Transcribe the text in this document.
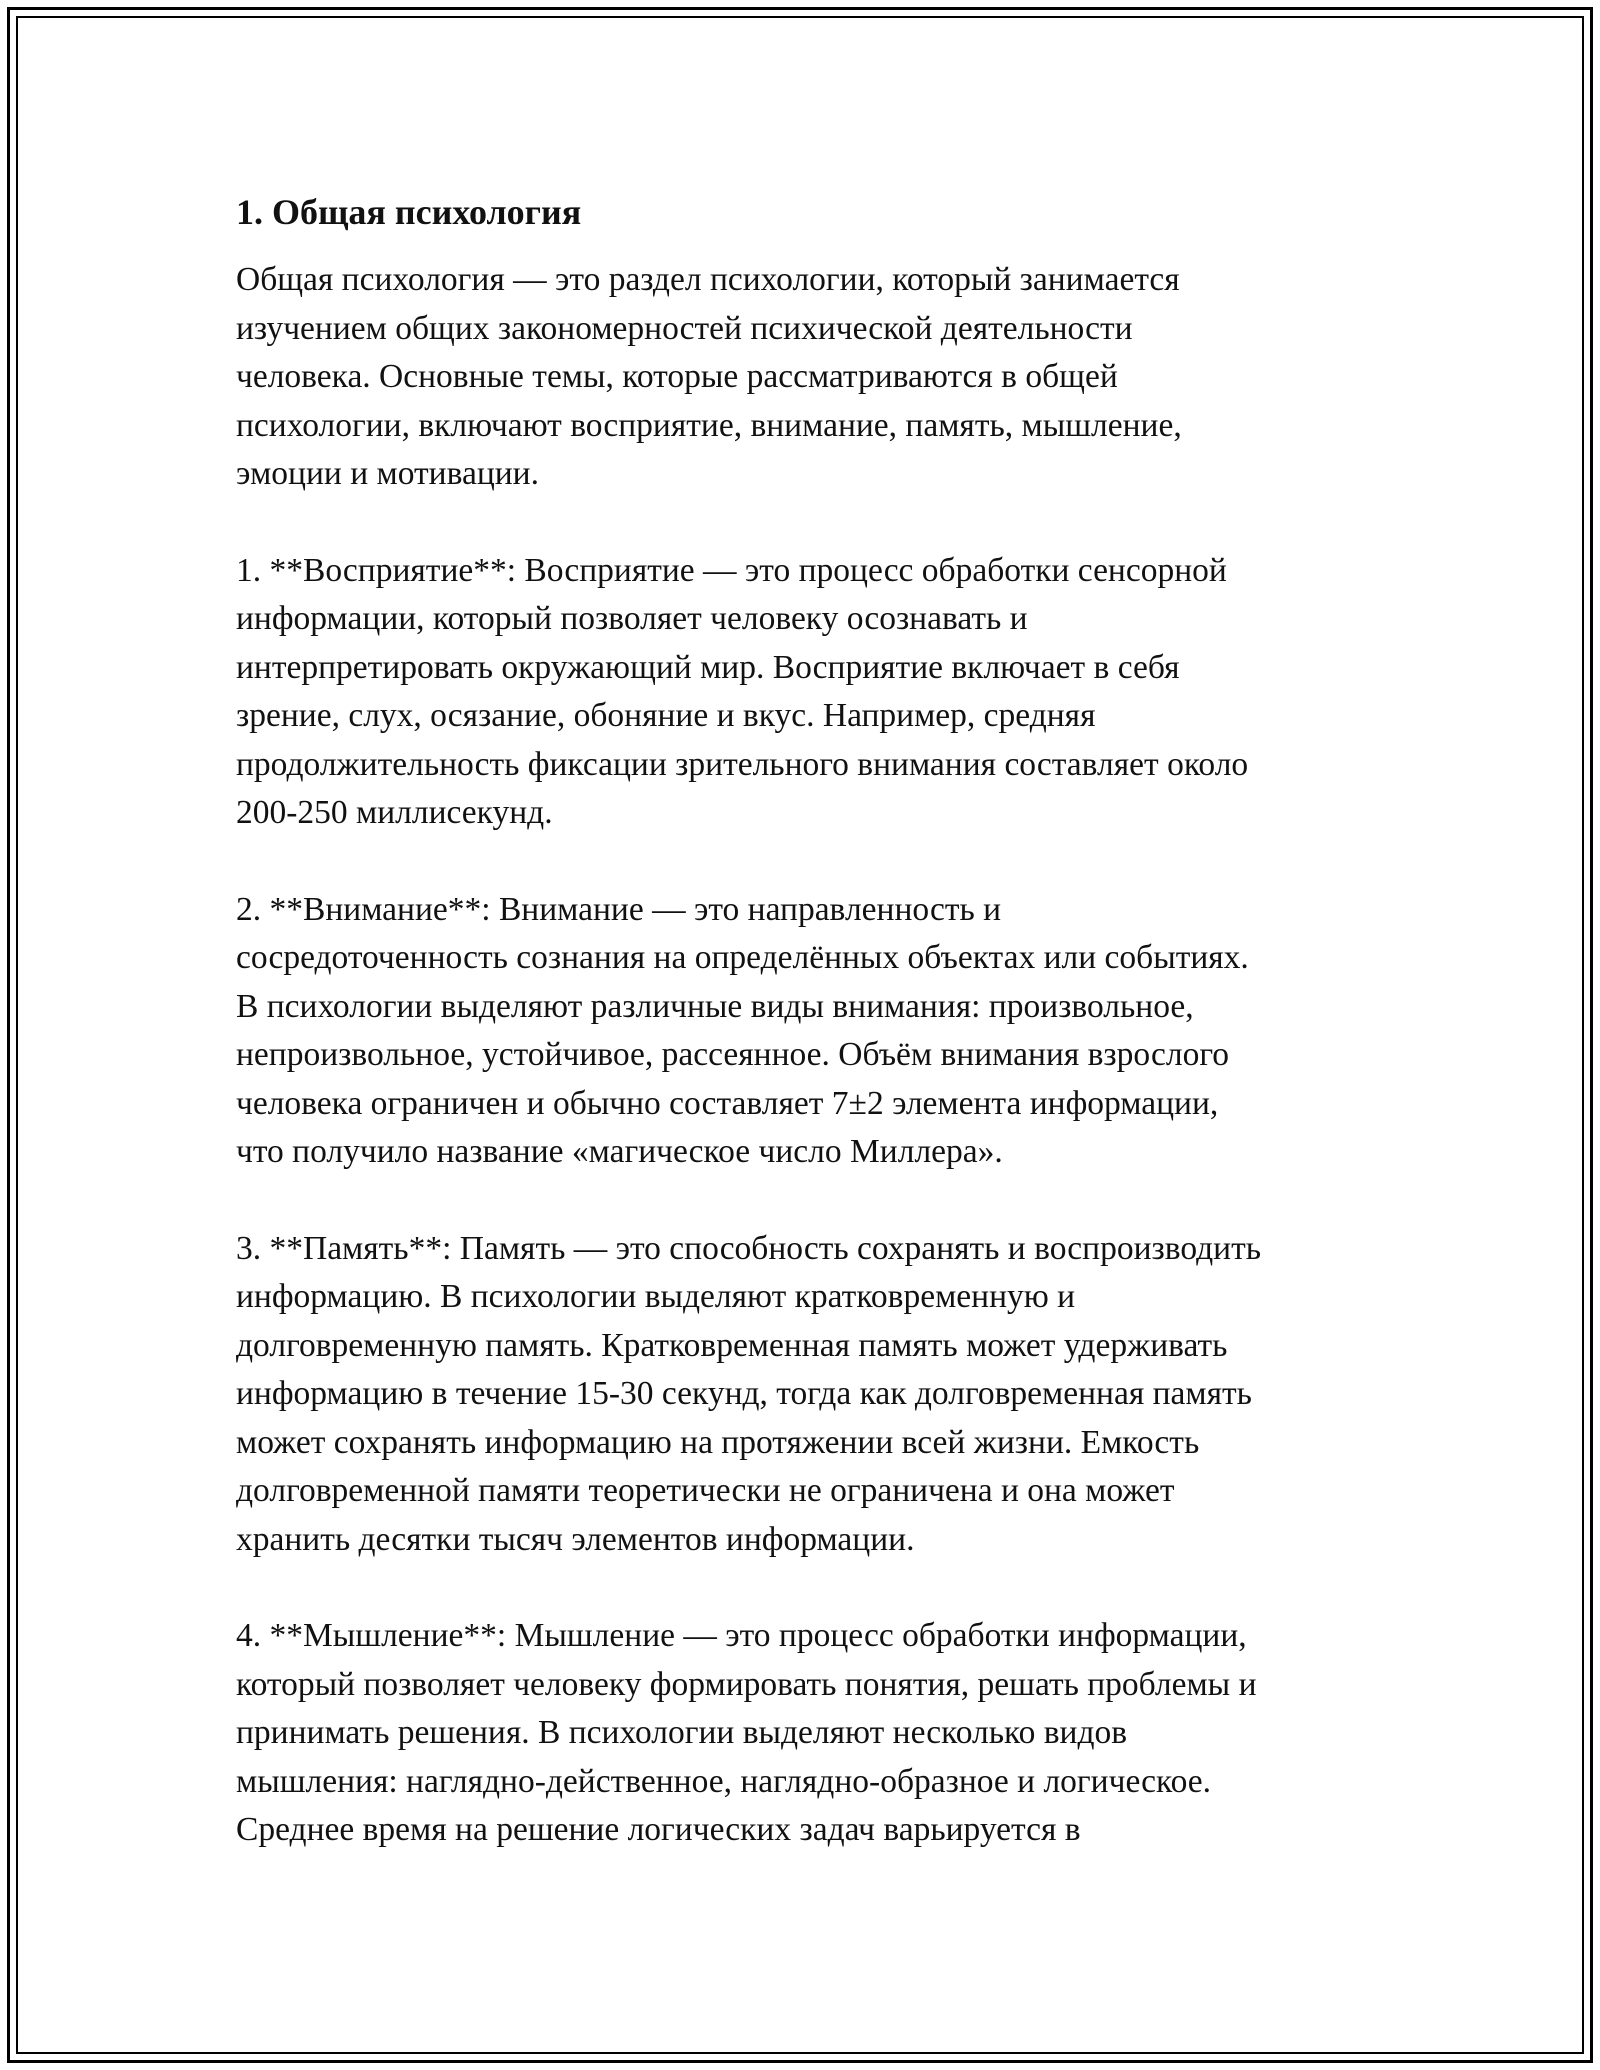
1. Общая психология

Общая психология — это раздел психологии, который занимается
изучением общих закономерностей психической деятельности
человека. Основные темы, которые рассматриваются в общей
психологии, включают восприятие, внимание, память, мышление,
эмоции и мотивации.

1. **Восприятие**: Восприятие — это процесс обработки сенсорной
информации, который позволяет человеку осознавать и
интерпретировать окружающий мир. Восприятие включает в себя
зрение, слух, осязание, обоняние и вкус. Например, средняя
продолжительность фиксации зрительного внимания составляет около
200-250 миллисекунд.

2. **Внимание**: Внимание — это направленность и
сосредоточенность сознания на определённых объектах или событиях.
В психологии выделяют различные виды внимания: произвольное,
непроизвольное, устойчивое, рассеянное. Объём внимания взрослого
человека ограничен и обычно составляет 7±2 элемента информации,
что получило название «магическое число Миллера».

3. **Память**: Память — это способность сохранять и воспроизводить
информацию. В психологии выделяют кратковременную и
долговременную память. Кратковременная память может удерживать
информацию в течение 15-30 секунд, тогда как долговременная память
может сохранять информацию на протяжении всей жизни. Емкость
долговременной памяти теоретически не ограничена и она может
хранить десятки тысяч элементов информации.

4. **Мышление**: Мышление — это процесс обработки информации,
который позволяет человеку формировать понятия, решать проблемы и
принимать решения. В психологии выделяют несколько видов
мышления: наглядно-действенное, наглядно-образное и логическое.
Среднее время на решение логических задач варьируется в
